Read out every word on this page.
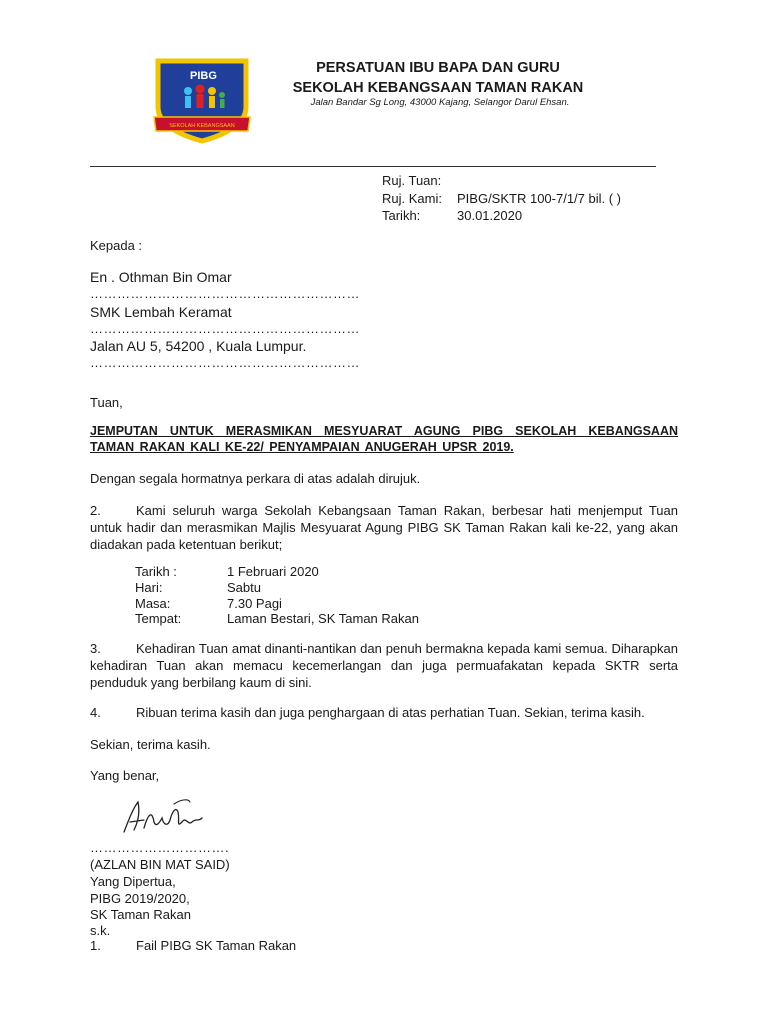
PIBG
SEKOLAH KEBANGSAAN
PERSATUAN IBU BAPA DAN GURU
SEKOLAH KEBANGSAAN TAMAN RAKAN
Jalan Bandar Sg Long, 43000 Kajang, Selangor Darul Ehsan.
Ruj. Tuan:
Ruj. Kami: PIBG/SKTR 100-7/1/7 bil. ( )
Tarikh:	30.01.2020
Kepada :
En . Othman Bin Omar
……………………………………………………
SMK Lembah Keramat
……………………………………………………
Jalan AU 5, 54200 , Kuala Lumpur.
……………………………………………………
Tuan,
JEMPUTAN UNTUK MERASMIKAN MESYUARAT AGUNG PIBG SEKOLAH KEBANGSAAN TAMAN RAKAN KALI KE-22/ PENYAMPAIAN ANUGERAH UPSR 2019.
Dengan segala hormatnya perkara di atas adalah dirujuk.
2.	Kami seluruh warga Sekolah Kebangsaan Taman Rakan, berbesar hati menjemput Tuan untuk hadir dan merasmikan Majlis Mesyuarat Agung PIBG SK Taman Rakan kali ke-22, yang akan diadakan pada ketentuan berikut;
Tarikh :	1 Februari 2020
Hari:	Sabtu
Masa:	7.30 Pagi
Tempat:	Laman Bestari, SK Taman Rakan
3.	Kehadiran Tuan amat dinanti-nantikan dan penuh bermakna kepada kami semua. Diharapkan kehadiran Tuan akan memacu kecemerlangan dan juga permuafakatan kepada SKTR serta penduduk yang berbilang kaum di sini.
4.	Ribuan terima kasih dan juga penghargaan di atas perhatian Tuan. Sekian, terima kasih.
Sekian, terima kasih.
Yang benar,
………………………….
(AZLAN BIN MAT SAID)
Yang Dipertua,
PIBG 2019/2020,
SK Taman Rakan
s.k.
1.	Fail PIBG SK Taman Rakan
